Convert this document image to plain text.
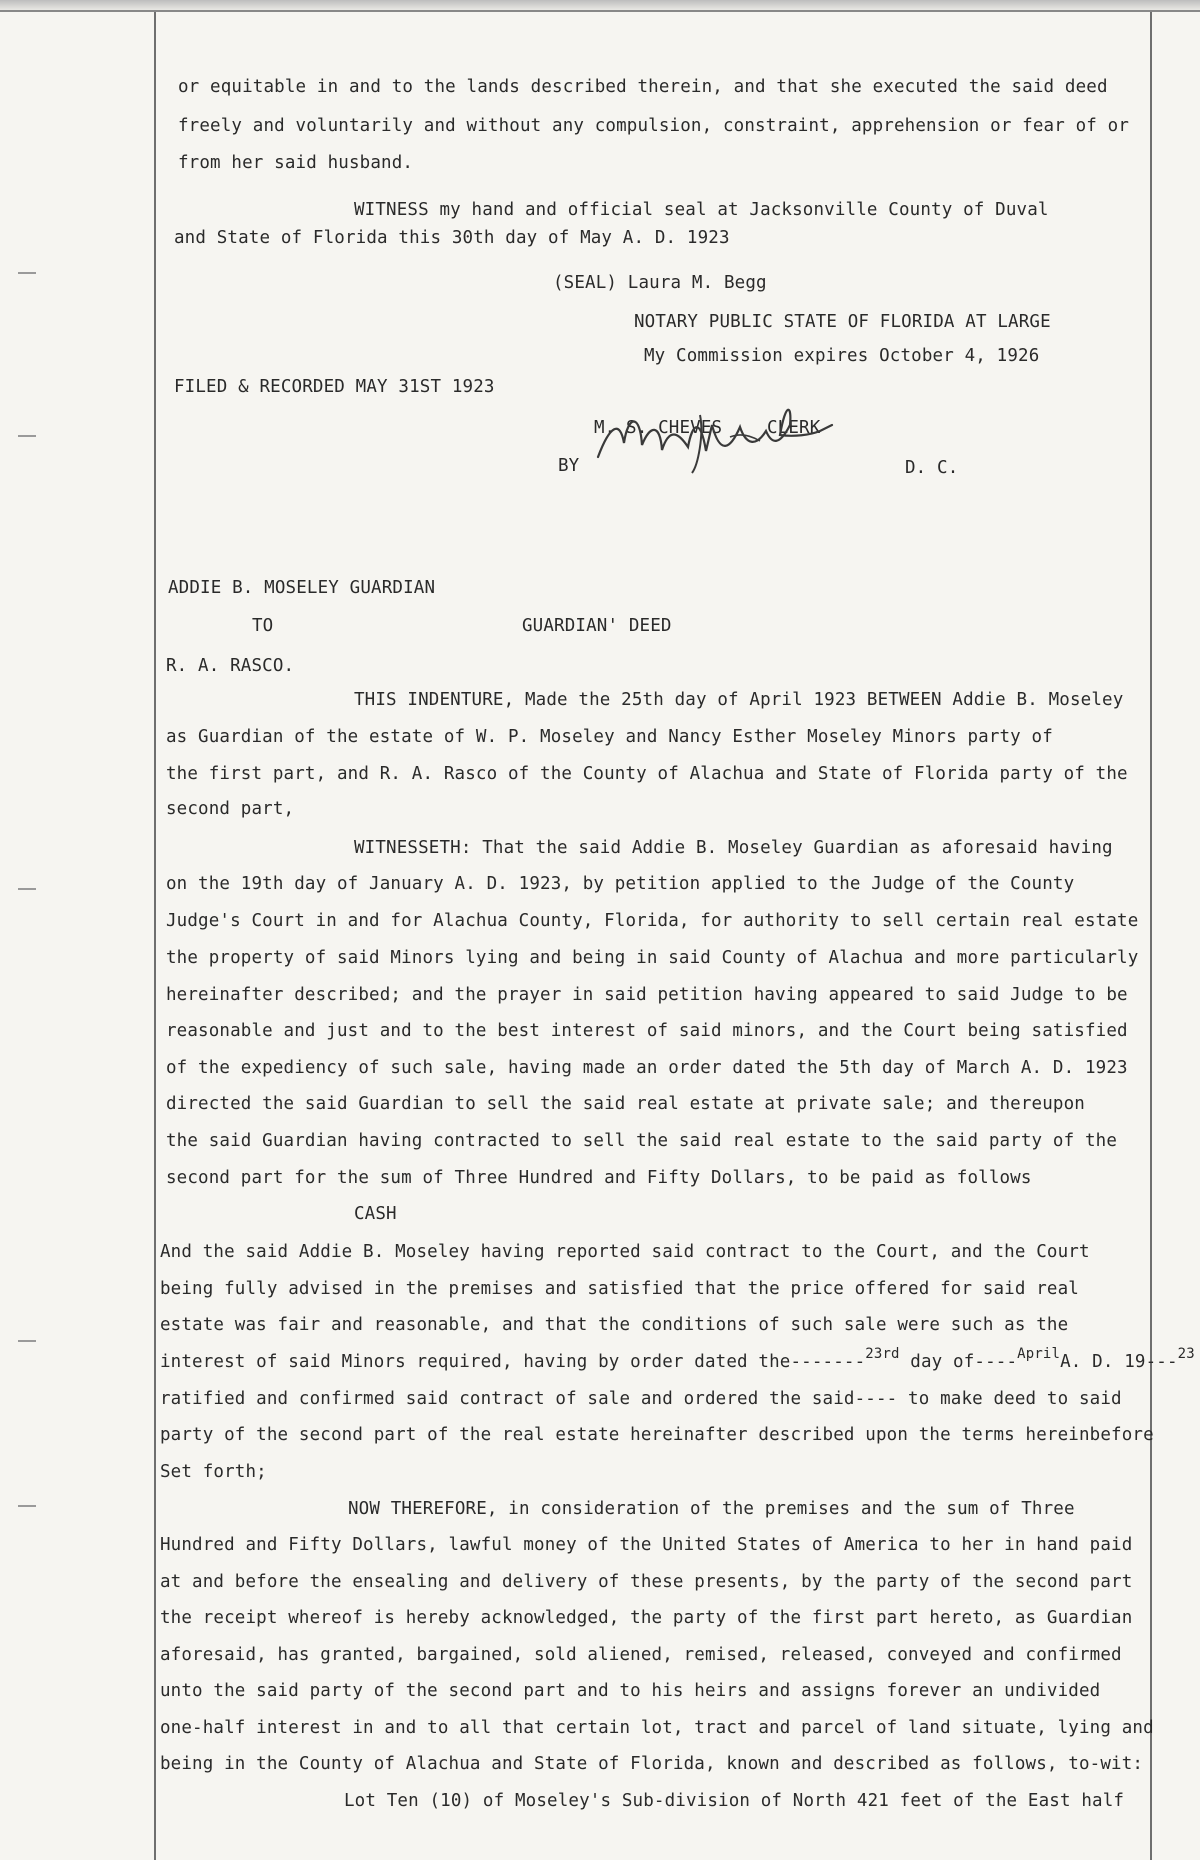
or equitable in and to the lands described therein, and that she executed the said deed
freely and voluntarily and without any compulsion, constraint, apprehension or fear of or
from her said husband.
WITNESS my hand and official seal at Jacksonville County of Duval
and State of Florida this 30th day of May A. D. 1923
(SEAL) Laura M. Begg
NOTARY PUBLIC STATE OF FLORIDA AT LARGE
My Commission expires October 4, 1926
FILED & RECORDED MAY 31ST 1923
M. S. CHEVES	CLERK
BY	D. C.
ADDIE B. MOSELEY GUARDIAN
TO	GUARDIAN' DEED
R. A. RASCO.
THIS INDENTURE, Made the 25th day of April 1923 BETWEEN Addie B. Moseley
as Guardian of the estate of W. P. Moseley and Nancy Esther Moseley Minors party of
the first part, and R. A. Rasco of the County of Alachua and State of Florida party of the
second part,
WITNESSETH: That the said Addie B. Moseley Guardian as aforesaid having
on the 19th day of January A. D. 1923, by petition applied to the Judge of the County
Judge's Court in and for Alachua County, Florida, for authority to sell certain real estate
the property of said Minors lying and being in said County of Alachua and more particularly
hereinafter described; and the prayer in said petition having appeared to said Judge to be
reasonable and just and to the best interest of said minors, and the Court being satisfied
of the expediency of such sale, having made an order dated the 5th day of March A. D. 1923
directed the said Guardian to sell the said real estate at private sale; and thereupon
the said Guardian having contracted to sell the said real estate to the said party of the
second part for the sum of Three Hundred and Fifty Dollars, to be paid as follows
CASH
And the said Addie B. Moseley having reported said contract to the Court, and the Court
being fully advised in the premises and satisfied that the price offered for said real
estate was fair and reasonable, and that the conditions of such sale were such as the
interest of said Minors required, having by order dated the-------$^{23rd}$ day of----$^{April}$A. D. 19---$^{23}$
ratified and confirmed said contract of sale and ordered the said---- to make deed to said
party of the second part of the real estate hereinafter described upon the terms hereinbefore
Set forth;
NOW THEREFORE, in consideration of the premises and the sum of Three
Hundred and Fifty Dollars, lawful money of the United States of America to her in hand paid
at and before the ensealing and delivery of these presents, by the party of the second part
the receipt whereof is hereby acknowledged, the party of the first part hereto, as Guardian
aforesaid, has granted, bargained, sold aliened, remised, released, conveyed and confirmed
unto the said party of the second part and to his heirs and assigns forever an undivided
one-half interest in and to all that certain lot, tract and parcel of land situate, lying and
being in the County of Alachua and State of Florida, known and described as follows, to-wit:
Lot Ten (10) of Moseley's Sub-division of North 421 feet of the East half
